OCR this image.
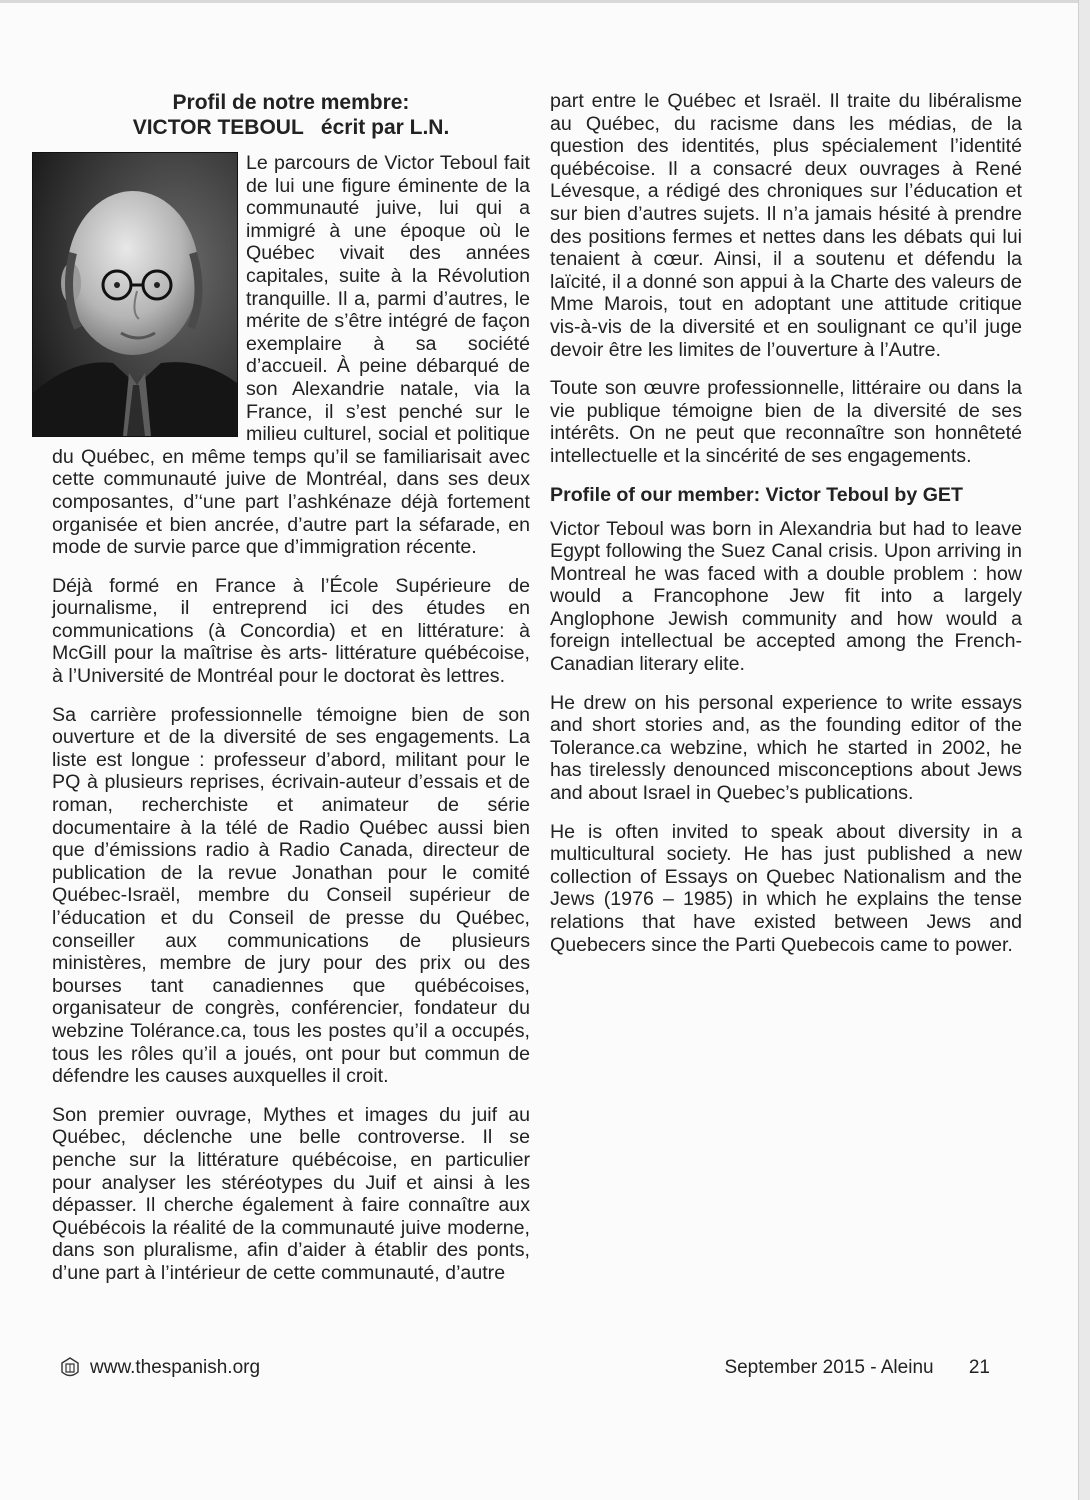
Profil de notre membre:
VICTOR TEBOUL   écrit par L.N.

Le parcours de Victor Teboul fait de lui une figure éminente de la communauté juive, lui qui a immigré à une époque où le Québec vivait des années capitales, suite à la Révolution tranquille. Il a, parmi d’autres, le mérite de s’être intégré de façon exemplaire à sa société d’accueil. À peine débarqué de son Alexandrie natale, via la France, il s’est penché sur le milieu culturel, social et politique du Québec, en même temps qu’il se familiarisait avec cette communauté juive de Montréal, dans ses deux composantes, d’‘une part l’ashkénaze déjà fortement organisée et bien ancrée, d’autre part la séfarade, en mode de survie parce que d’immigration récente.

Déjà formé en France à l’École Supérieure de journalisme, il entreprend ici des études en communications (à Concordia) et en littérature: à McGill pour la maîtrise ès arts- littérature québécoise, à l’Université de Montréal pour le doctorat ès lettres.

Sa carrière professionnelle témoigne bien de son ouverture et de la diversité de ses engagements. La liste est longue : professeur d’abord, militant pour le PQ à plusieurs reprises, écrivain-auteur d’essais et de roman, recherchiste et animateur de série documentaire à la télé de Radio Québec aussi bien que d’émissions radio à Radio Canada, directeur de publication de la revue Jonathan pour le comité Québec-Israël, membre du Conseil supérieur de l’éducation et du Conseil de presse du Québec, conseiller aux communications de plusieurs ministères, membre de jury pour des prix ou des bourses tant canadiennes que québécoises, organisateur de congrès, conférencier, fondateur du webzine Tolérance.ca, tous les postes qu’il a occupés, tous les rôles qu’il a joués, ont pour but commun de défendre les causes auxquelles il croit.

Son premier ouvrage, Mythes et images du juif au Québec, déclenche une belle controverse. Il se penche sur la littérature québécoise, en particulier pour analyser les stéréotypes du Juif et ainsi à les dépasser. Il cherche également à faire connaître aux Québécois la réalité de la communauté juive moderne, dans son pluralisme, afin d’aider à établir des ponts, d’une part à l’intérieur de cette communauté, d’autre

part entre le Québec et Israël. Il traite du libéralisme au Québec, du racisme dans les médias, de la question des identités, plus spécialement l’identité québécoise. Il a consacré deux ouvrages à René Lévesque, a rédigé des chroniques sur l’éducation et sur bien d’autres sujets. Il n’a jamais hésité à prendre des positions fermes et nettes dans les débats qui lui tenaient à cœur. Ainsi, il a soutenu et défendu la laïcité, il a donné son appui à la Charte des valeurs de Mme Marois, tout en adoptant une attitude critique vis-à-vis de la diversité et en soulignant ce qu’il juge devoir être les limites de l’ouverture à l’Autre.

Toute son œuvre professionnelle, littéraire ou dans la vie publique témoigne bien de la diversité de ses intérêts. On ne peut que reconnaître son honnêteté intellectuelle et la sincérité de ses engagements.

Profile of our member: Victor Teboul by GET

Victor Teboul was born in Alexandria but had to leave Egypt following the Suez Canal crisis. Upon arriving in Montreal he was faced with a double problem : how would a Francophone Jew fit into a largely Anglophone Jewish community and how would a foreign intellectual be accepted among the French-Canadian literary elite.

He drew on his personal experience to write essays and short stories and, as the founding editor of the Tolerance.ca webzine, which he started in 2002, he has tirelessly denounced misconceptions about Jews and about Israel in Quebec’s publications.

He is often invited to speak about diversity in a multicultural society. He has just published a new collection of Essays on Quebec Nationalism and the Jews (1976 – 1985) in which he explains the tense relations that have existed between Jews and Quebecers since the Parti Quebecois came to power.

www.thespanish.org	September 2015 - Aleinu 21
